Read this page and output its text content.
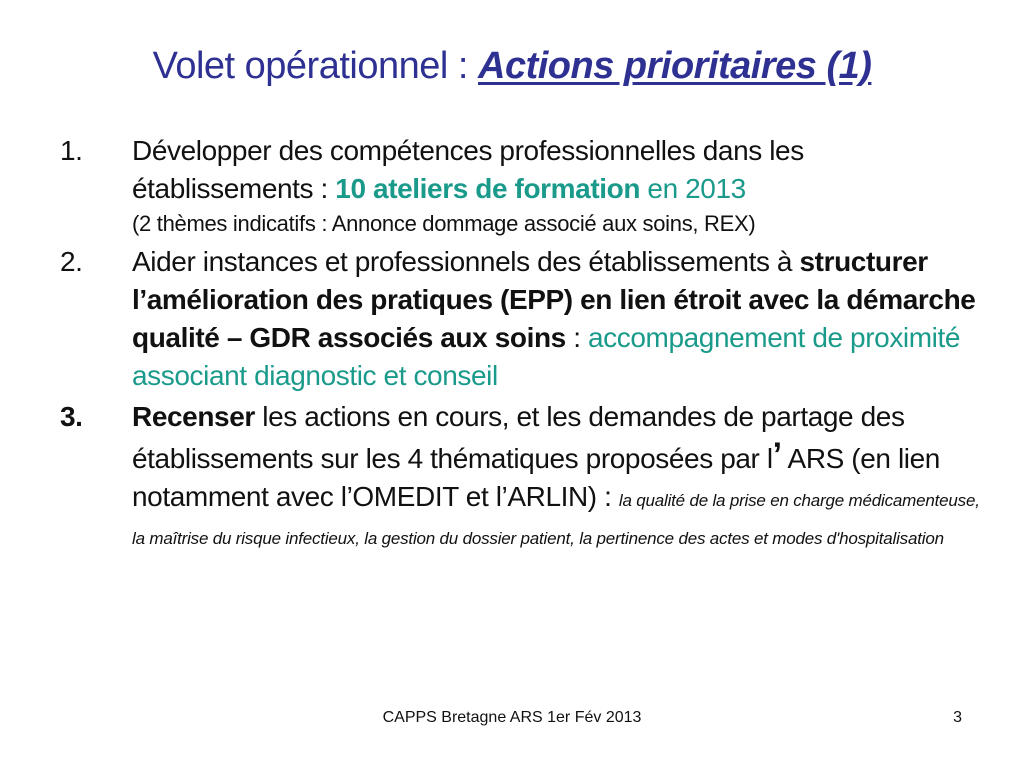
Volet opérationnel : Actions prioritaires (1)
1. Développer des compétences professionnelles dans les établissements : 10 ateliers de formation en 2013
(2 thèmes indicatifs : Annonce dommage associé aux soins, REX)
2. Aider instances et professionnels des établissements à structurer l’amélioration des pratiques (EPP) en lien étroit avec la démarche qualité – GDR associés aux soins : accompagnement de proximité associant diagnostic et conseil
3. Recenser les actions en cours, et les demandes de partage des établissements sur les 4 thématiques proposées par l’ ARS (en lien notamment avec l’OMEDIT et l’ARLIN) : la qualité de la prise en charge médicamenteuse, la maîtrise du risque infectieux, la gestion du dossier patient, la pertinence des actes et modes d'hospitalisation
CAPPS Bretagne ARS 1er Fév 2013	3
